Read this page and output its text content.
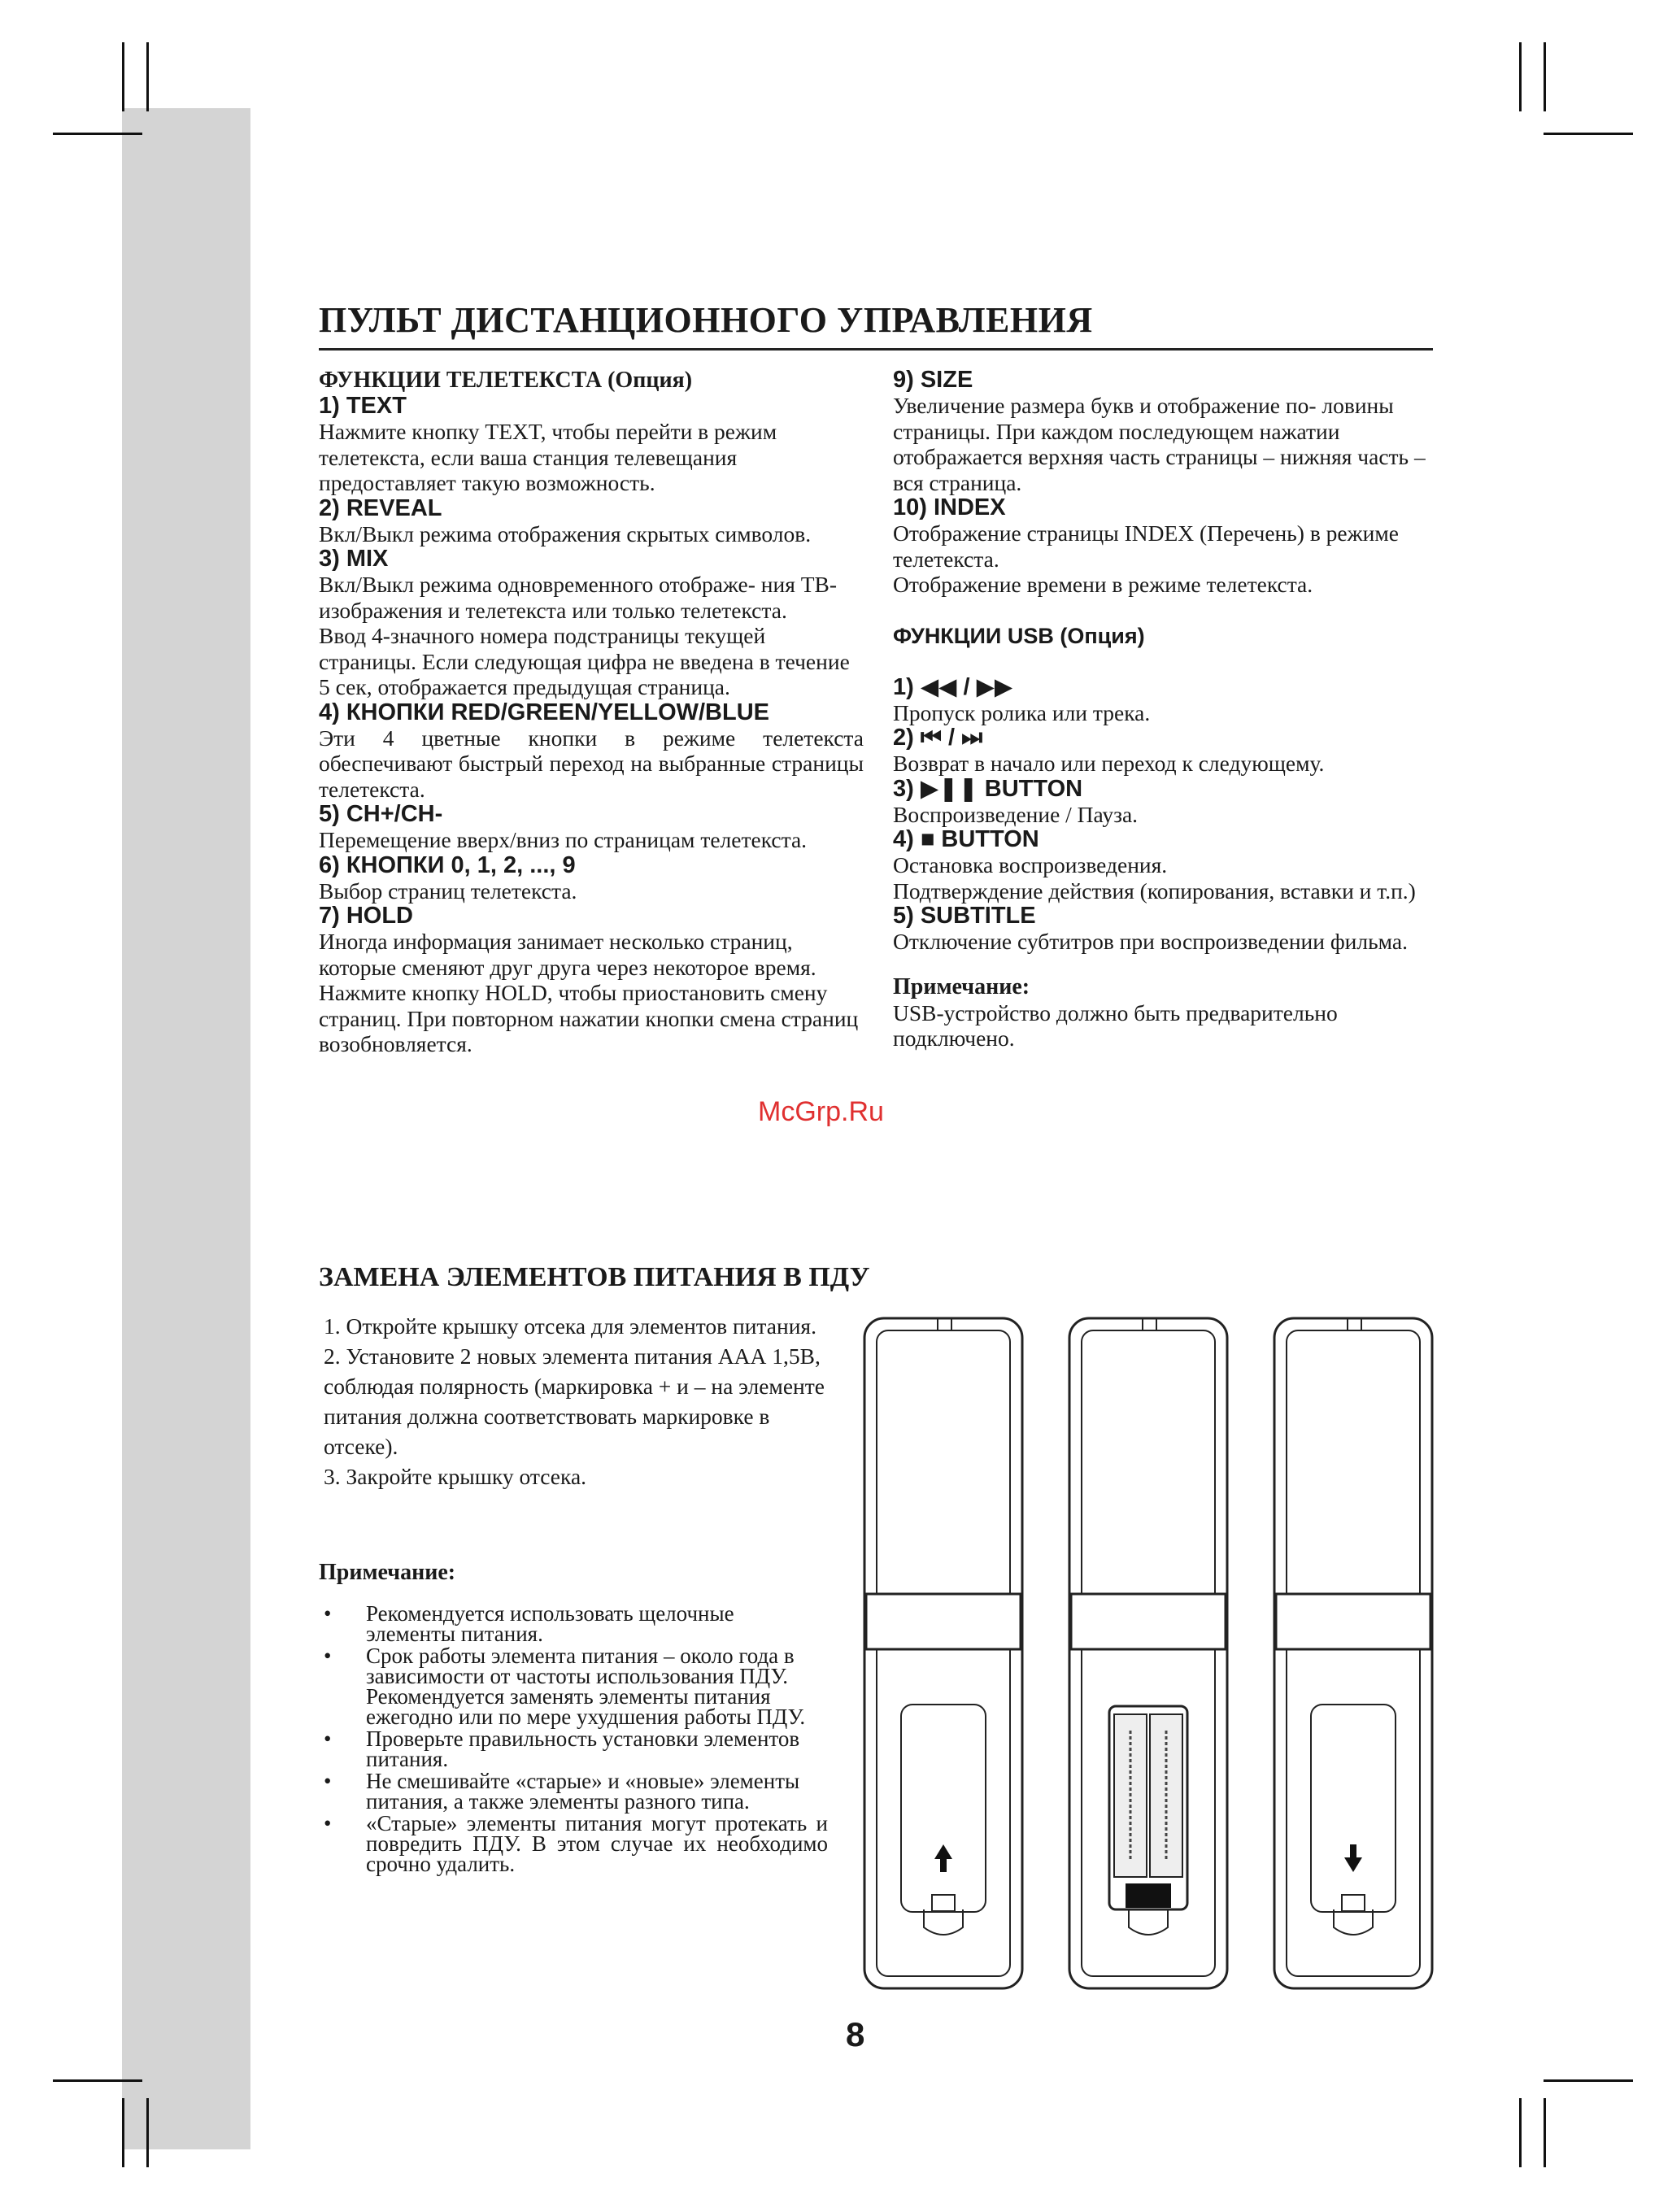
ПУЛЬТ ДИСТАНЦИОННОГО УПРАВЛЕНИЯ

ФУНКЦИИ ТЕЛЕТЕКСТА (Опция)

1) TEXT

Нажмите кнопку TEXT, чтобы перейти в режим телетекста, если ваша станция телевещания предоставляет такую возможность.

2) REVEAL

Вкл/Выкл режима отображения скрытых символов.

3) MIX

Вкл/Выкл режима одновременного отображе- ния ТВ-изображения и телетекста или только телетекста.

Ввод 4-значного номера подстраницы текущей страницы. Если следующая цифра не введена в течение 5 сек, отображается предыдущая страница.

4) КНОПКИ RED/GREEN/YELLOW/BLUE

Эти 4 цветные кнопки в режиме телетекста обеспечивают быстрый переход на выбранные страницы телетекста.

5) CH+/CH-

Перемещение вверх/вниз по страницам телетекста.

6) КНОПКИ 0, 1, 2, ..., 9

Выбор страниц телетекста.

7) HOLD

Иногда информация занимает несколько страниц, которые сменяют друг друга через некоторое время. Нажмите кнопку HOLD, чтобы приостановить смену страниц. При повторном нажатии кнопки смена страниц возобновляется.

9) SIZE

Увеличение размера букв и отображение по- ловины страницы. При каждом последующем нажатии отображается верхняя часть страницы – нижняя часть – вся страница.

10) INDEX

Отображение страницы INDEX (Перечень) в режиме телетекста.

Отображение времени в режиме телетекста.

ФУНКЦИИ USB (Опция)

1) ◀◀ / ▶▶

Пропуск ролика или трека.

2) ⏮ / ⏭

Возврат в начало или переход к следующему.

3) ▶❚❚ BUTTON

Воспроизведение / Пауза.

4) ■ BUTTON

Остановка воспроизведения.

Подтверждение действия (копирования, вставки и т.п.)

5) SUBTITLE

Отключение субтитров при воспроизведении фильма.

Примечание:

USB-устройство должно быть предварительно подключено.

McGrp.Ru
ЗАМЕНА ЭЛЕМЕНТОВ ПИТАНИЯ В ПДУ

1. Откройте крышку отсека для элементов питания.

2. Установите 2 новых элемента питания ААА 1,5В, соблюдая полярность (маркировка + и – на элементе питания должна соответствовать маркировке в отсеке).

3. Закройте крышку отсека.

Примечание:
• Рекомендуется использовать щелочные элементы питания.
• Срок работы элемента питания – около года в зависимости от частоты использования ПДУ. Рекомендуется заменять элементы питания ежегодно или по мере ухудшения работы ПДУ.
• Проверьте правильность установки элементов питания.
• Не смешивайте «старые» и «новые» элементы питания, а также элементы разного типа.
• «Старые» элементы питания могут протекать и повредить ПДУ. В этом случае их необходимо срочно удалить.
8
